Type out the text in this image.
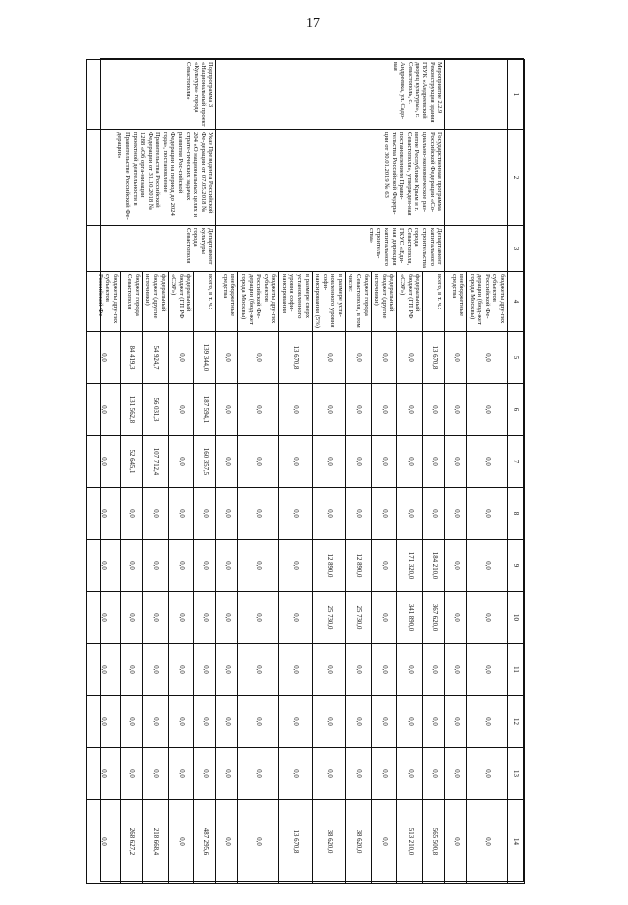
17
1	2	3	4	5	6	7	8	9	10	11	12	13	14
			бюджеты дру-гих субъектов Российской Фе-дерации (бюд-жет города Москвы)	0,0	0,0	0,0	0,0	0,0	0,0	0,0	0,0	0,0	0,0
			внебюджетные средства	0,0	0,0	0,0	0,0	0,0	0,0	0,0	0,0	0,0	0,0
Мероприятие 2.2.9 Реконструкция здания ГБУК «Андреевский дворец культуры», г. Севастополь, с. Андреевка, ул. Садо-вая	Государственная программа Российской Федерации «Со-циально-экономическое раз-витие Республики Крым и г. Севастополя», утвержден-ная постановлением Прави-тельства Российской Федера-ции от 30.01.2019 № 63	Департамент капитального строительства города Севастополя, ГКУС «Еди-ная дирекция капитального строитель-ства»	всего, в т. ч.:	13 670,8	0,0	0,0	0,0	184 210,0	367 620,0	0,0	0,0	0,0	565 500,8
			федеральный бюджет (ГП РФ «СЭР»)	0,0	0,0	0,0	0,0	171 320,0	341 890,0	0,0	0,0	0,0	513 210,0
			федеральный бюджет (другие источники)	0,0	0,0	0,0	0,0	0,0	0,0	0,0	0,0	0,0	0,0
			бюджет города Севастополя, в том числе:	0,0	0,0	0,0	0,0	12 890,0	25 730,0	0,0	0,0	0,0	38 620,0
			в размере уста-новленного уровня софи-нансирования (5%)	0,0	0,0	0,0	0,0	12 890,0	25 730,0	0,0	0,0	0,0	38 620,0
			в размере сверх установленного уровня софи-нансирования	13 670,8	0,0	0,0	0,0	0,0	0,0	0,0	0,0	0,0	13 670,8
			бюджеты дру-гих субъектов Российской Фе-дерации (бюд-жет города Москвы)	0,0	0,0	0,0	0,0	0,0	0,0	0,0	0,0	0,0	0,0
			внебюджетные средства	0,0	0,0	0,0	0,0	0,0	0,0	0,0	0,0	0,0	0,0
Подпрограмма 3 «Национальный проект «Культура» города Севастополя»	Указ Президента Российской Фе-дерации от 07.05.2018 № 204 «О национальных целях и страте-гических задачах развития Рос-сийской Федерации на период до 2024 года», постановление Правительства Российской Федерации от 31.10.2018 № 1288 «Об орга-низации проектной деятельности в Правительстве Российской Фе-дерации»	Департамент культуры города Севастополя	всего, в т. ч.:	139 344,0	187 594,1	160 357,5	0,0	0,0	0,0	0,0	0,0	0,0	487 295,6
			федеральный бюджет (ГП РФ «СЭР»)	0,0	0,0	0,0	0,0	0,0	0,0	0,0	0,0	0,0	0,0
			федеральный бюджет (другие источники)	54 924,7	56 031,3	107 712,4	0,0	0,0	0,0	0,0	0,0	0,0	218 668,4
			бюджет города Севастополя	84 419,3	131 562,8	52 645,1	0,0	0,0	0,0	0,0	0,0	0,0	268 627,2
			бюджеты дру-гих субъектов Российской Фе-	0,0	0,0	0,0	0,0	0,0	0,0	0,0	0,0	0,0	0,0
